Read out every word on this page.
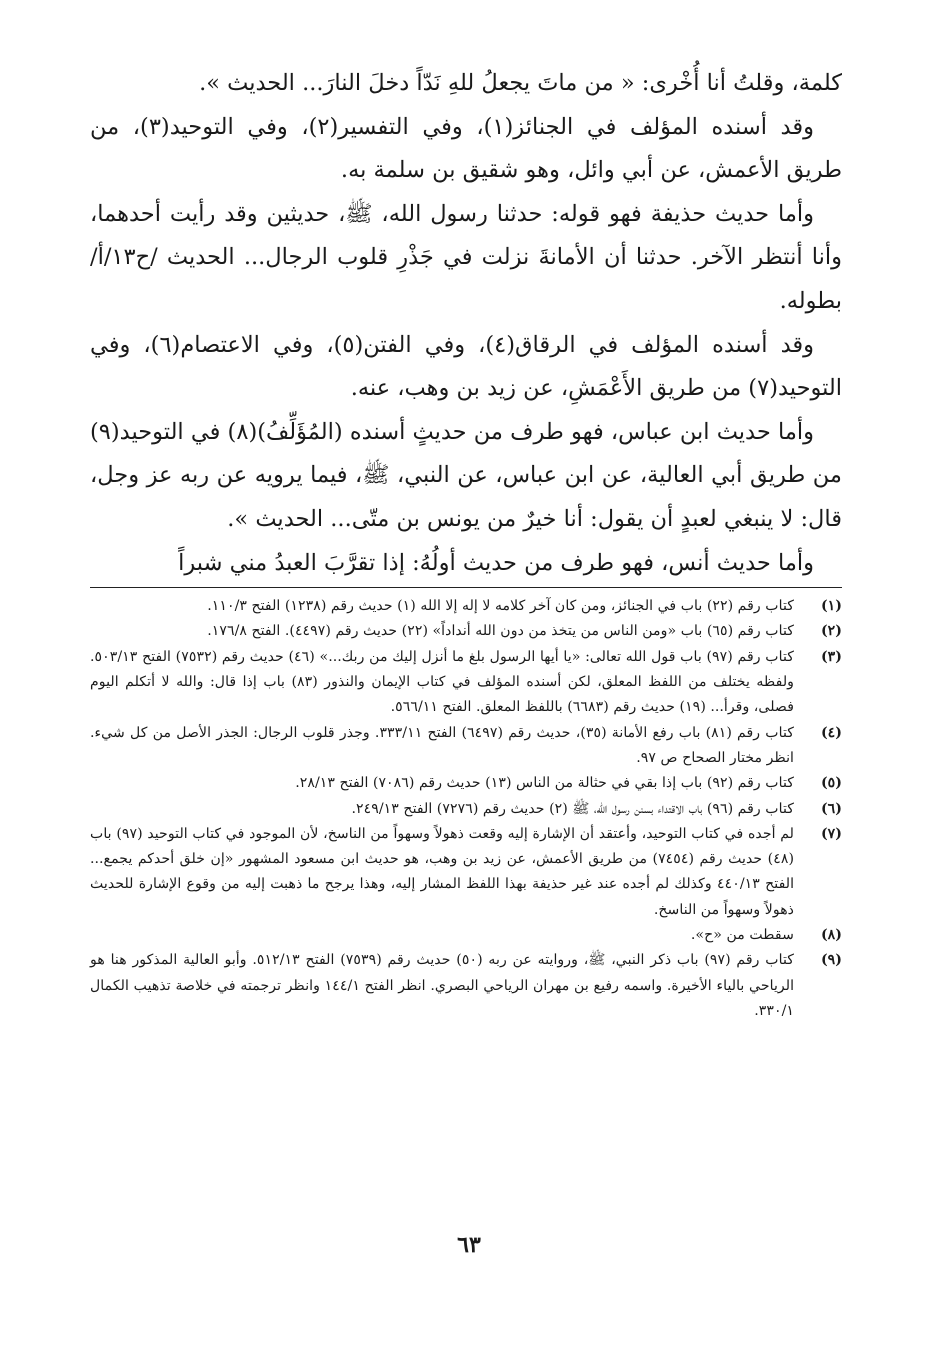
كلمة، وقلتُ أنا أُخْرى: « من ماتَ يجعلُ للهِ نَدّاً دخلَ النارَ... الحديث ».

وقد أسنده المؤلف في الجنائز(١)، وفي التفسير(٢)، وفي التوحيد(٣)، من طريق الأعمش، عن أبي وائل، وهو شقيق بن سلمة به.

وأما حديث حذيفة فهو قوله: حدثنا رسول الله، ﷺ، حديثين وقد رأيت أحدهما، وأنا أنتظر الآخر. حدثنا أن الأمانةَ نزلت في جَذْرِ قلوب الرجال... الحديث /ح١٣/أ/ بطوله.

وقد أسنده المؤلف في الرقاق(٤)، وفي الفتن(٥)، وفي الاعتصام(٦)، وفي التوحيد(٧) من طريق الأَعْمَشِ، عن زيد بن وهب، عنه.

وأما حديث ابن عباس، فهو طرف من حديثٍ أسنده (المُؤَلِّفُ)(٨) في التوحيد(٩) من طريق أبي العالية، عن ابن عباس، عن النبي، ﷺ، فيما يرويه عن ربه عز وجل، قال: لا ينبغي لعبدٍ أن يقول: أنا خيرٌ من يونس بن متّى... الحديث ».

وأما حديث أنس، فهو طرف من حديث أولُهُ: إذا تقرَّبَ العبدُ مني شبراً

(١)
كتاب رقم (٢٢) باب في الجنائز، ومن كان آخر كلامه لا إله إلا الله (١) حديث رقم (١٢٣٨) الفتح ١١٠/٣.
(٢)
كتاب رقم (٦٥) باب «ومن الناس من يتخذ من دون الله أنداداً» (٢٢) حديث رقم (٤٤٩٧). الفتح ١٧٦/٨.
(٣)
كتاب رقم (٩٧) باب قول الله تعالى: «يا أيها الرسول بلغ ما أنزل إليك من ربك...» (٤٦) حديث رقم (٧٥٣٢) الفتح ٥٠٣/١٣. ولفظه يختلف من اللفظ المعلق، لكن أسنده المؤلف في كتاب الإيمان والنذور (٨٣) باب إذا قال: والله لا أتكلم اليوم فصلى، وقرأ... (١٩) حديث رقم (٦٦٨٣) باللفظ المعلق. الفتح ٥٦٦/١١.
(٤)
كتاب رقم (٨١) باب رفع الأمانة (٣٥)، حديث رقم (٦٤٩٧) الفتح ٣٣٣/١١. وجذر قلوب الرجال: الجذر الأصل من كل شيء. انظر مختار الصحاح ص ٩٧.
(٥)
كتاب رقم (٩٢) باب إذا بقي في حثالة من الناس (١٣) حديث رقم (٧٠٨٦) الفتح ٢٨/١٣.
(٦)
كتاب رقم (٩٦) باب الاقتداء بسنن رسول الله، ﷺ (٢) حديث رقم (٧٢٧٦) الفتح ٢٤٩/١٣.
(٧)
لم أجده في كتاب التوحيد، وأعتقد أن الإشارة إليه وقعت ذهولاً وسهواً من الناسخ، لأن الموجود في كتاب التوحيد (٩٧) باب (٤٨) حديث رقم (٧٤٥٤) من طريق الأعمش، عن زيد بن وهب، هو حديث ابن مسعود المشهور «إن خلق أحدكم يجمع... الفتح ٤٤٠/١٣ وكذلك لم أجده عند غير حذيفة بهذا اللفظ المشار إليه، وهذا يرجح ما ذهبت إليه من وقوع الإشارة للحديث ذهولاً وسهواً من الناسخ.
(٨)
سقطت من «ح».
(٩)
كتاب رقم (٩٧) باب ذكر النبي، ﷺ، وروايته عن ربه (٥٠) حديث رقم (٧٥٣٩) الفتح ٥١٢/١٣. وأبو العالية المذكور هنا هو الرياحي بالياء الأخيرة. واسمه رفيع بن مهران الرياحي البصري. انظر الفتح ١٤٤/١ وانظر ترجمته في خلاصة تذهيب الكمال ٣٣٠/١.
٦٣
